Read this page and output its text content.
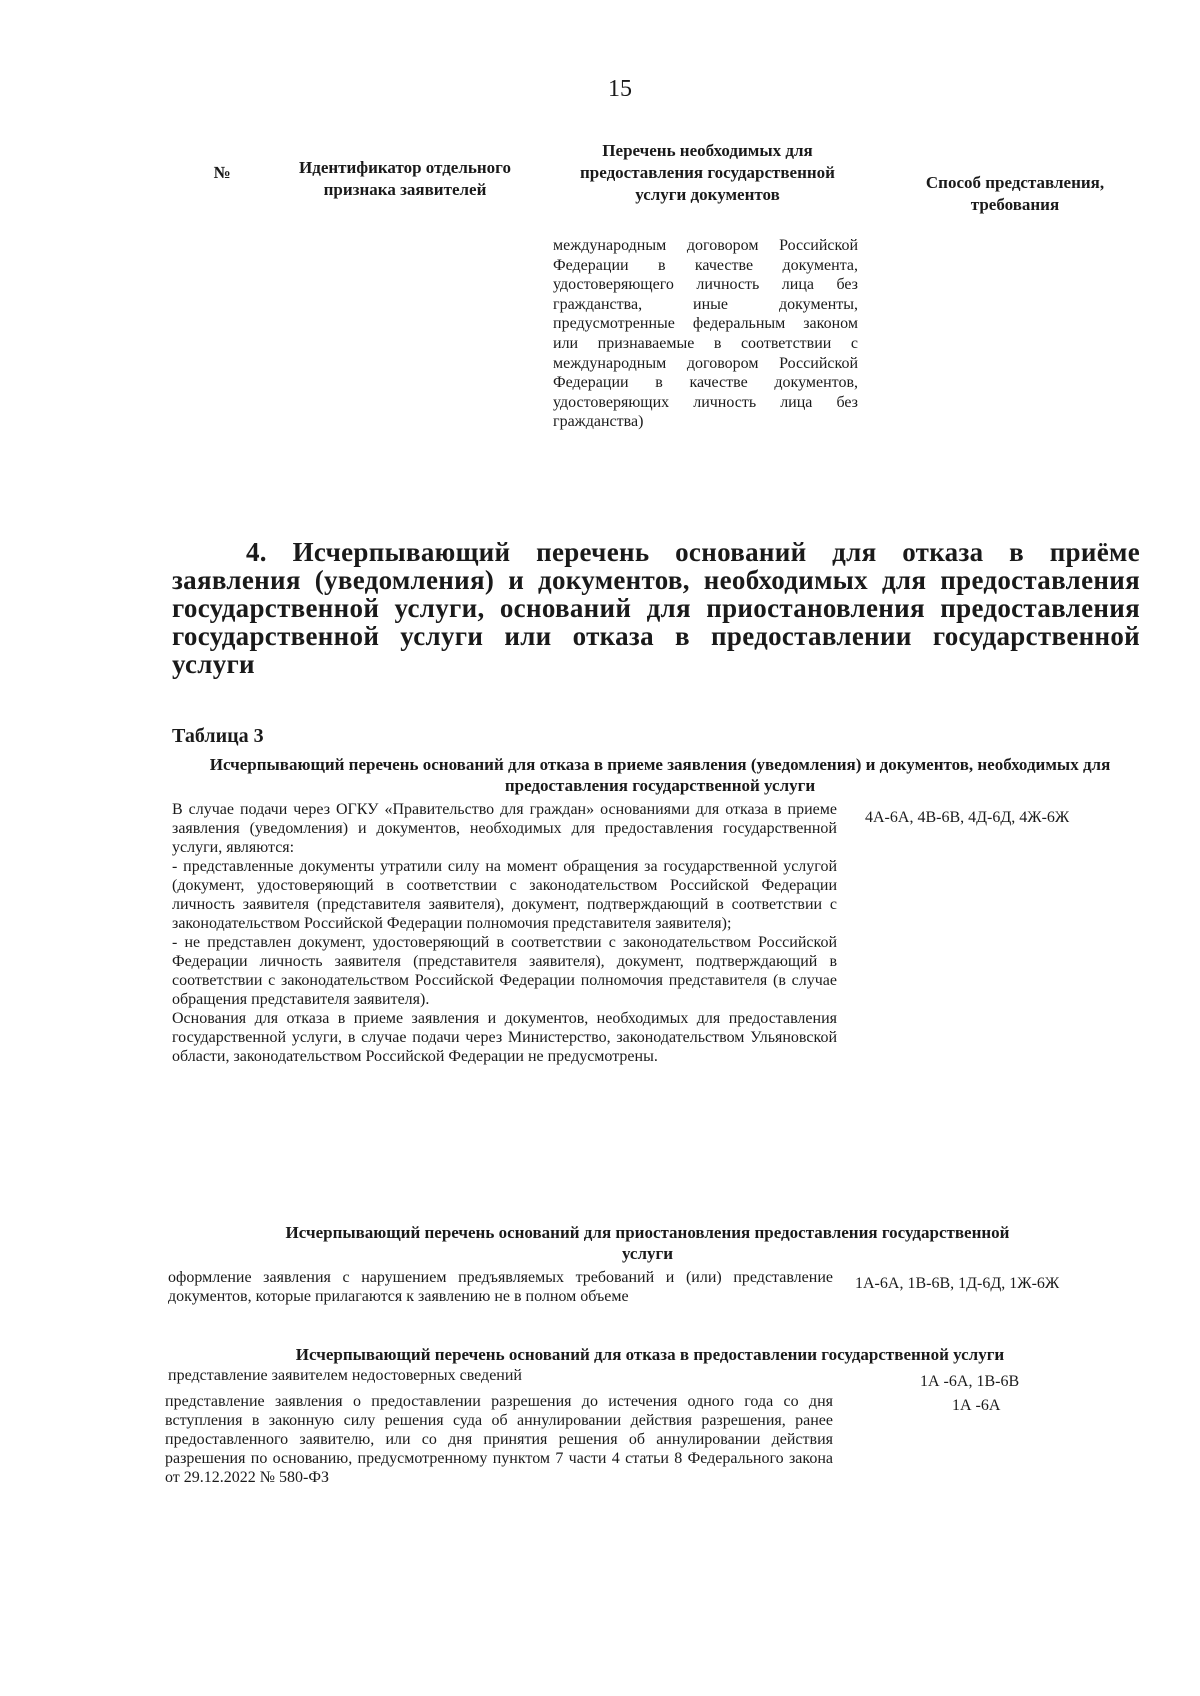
15
№	Идентификатор отдельного признака заявителей
Перечень необходимых для предоставления государственной услуги документов
Способ представления, требования
международным договором Российской Федерации в качестве документа, удостоверяющего личность лица без гражданства, иные документы, предусмотренные федеральным законом или признаваемые в соответствии с международным договором Российской Федерации в качестве документов, удостоверяющих личность лица без гражданства)
4. Исчерпывающий перечень оснований для отказа в приёме заявления (уведомления) и документов, необходимых для предоставления государственной услуги, оснований для приостановления предоставления государственной услуги или отказа в предоставлении государственной услуги
Таблица 3
Исчерпывающий перечень оснований для отказа в приеме заявления (уведомления) и документов, необходимых для предоставления государственной услуги

В случае подачи через ОГКУ «Правительство для граждан» основаниями для отказа в приеме заявления (уведомления) и документов, необходимых для предоставления государственной услуги, являются:

- представленные документы утратили силу на момент обращения за государственной услугой (документ, удостоверяющий в соответствии с законодательством Российской Федерации личность заявителя (представителя заявителя), документ, подтверждающий в соответствии с законодательством Российской Федерации полномочия представителя заявителя);

- не представлен документ, удостоверяющий в соответствии с законодательством Российской Федерации личность заявителя (представителя заявителя), документ, подтверждающий в соответствии с законодательством Российской Федерации полномочия представителя (в случае обращения представителя заявителя).

Основания для отказа в приеме заявления и документов, необходимых для предоставления государственной услуги, в случае подачи через Министерство, законодательством Ульяновской области, законодательством Российской Федерации не предусмотрены.

4А-6А, 4В-6В, 4Д-6Д, 4Ж-6Ж
Исчерпывающий перечень оснований для приостановления предоставления государственной услуги
оформление заявления с нарушением предъявляемых требований и (или) представление документов, которые прилагаются к заявлению не в полном объеме
1А-6А, 1В-6В, 1Д-6Д, 1Ж-6Ж
Исчерпывающий перечень оснований для отказа в предоставлении государственной услуги
представление заявителем недостоверных сведений	1А -6А, 1В-6В
представление заявления о предоставлении разрешения до истечения одного года со дня вступления в законную силу решения суда об аннулировании действия разрешения, ранее предоставленного заявителю, или со дня принятия решения об аннулировании действия разрешения по основанию, предусмотренному пунктом 7 части 4 статьи 8 Федерального закона от 29.12.2022 № 580-ФЗ
1А -6А
